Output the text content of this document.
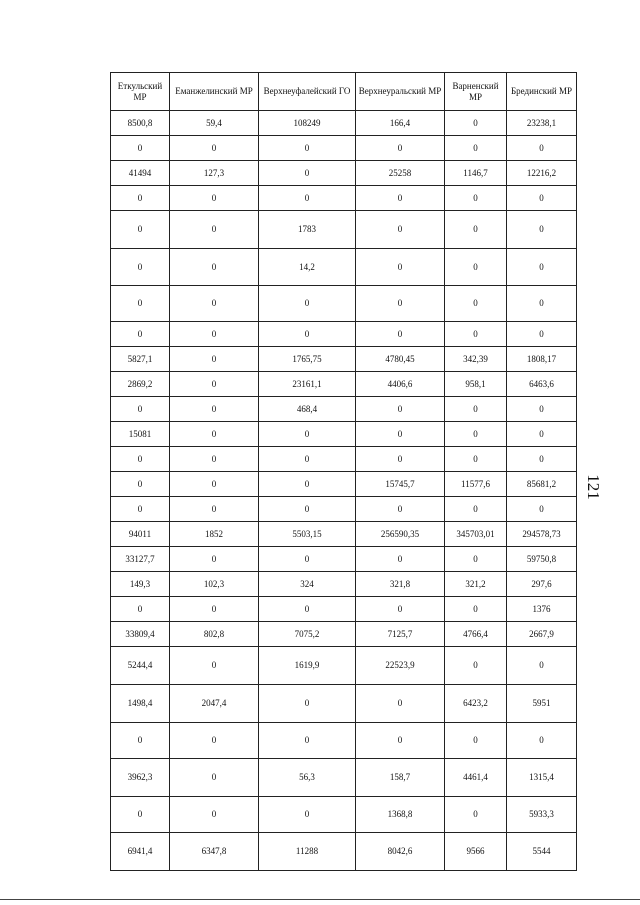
Еткульский МР	Еманжелинский МР	Верхнеуфалейский ГО	Верхнеуральский МР	Варненский МР	Брединский МР
8500,8	59,4	108249	166,4	0	23238,1
0	0	0	0	0	0
41494	127,3	0	25258	1146,7	12216,2
0	0	0	0	0	0
0	0	1783	0	0	0
0	0	14,2	0	0	0
0	0	0	0	0	0
0	0	0	0	0	0
5827,1	0	1765,75	4780,45	342,39	1808,17
2869,2	0	23161,1	4406,6	958,1	6463,6
0	0	468,4	0	0	0
15081	0	0	0	0	0
0	0	0	0	0	0
0	0	0	15745,7	11577,6	85681,2
0	0	0	0	0	0
94011	1852	5503,15	256590,35	345703,01	294578,73
33127,7	0	0	0	0	59750,8
149,3	102,3	324	321,8	321,2	297,6
0	0	0	0	0	1376
33809,4	802,8	7075,2	7125,7	4766,4	2667,9
5244,4	0	1619,9	22523,9	0	0
1498,4	2047,4	0	0	6423,2	5951
0	0	0	0	0	0
3962,3	0	56,3	158,7	4461,4	1315,4
0	0	0	1368,8	0	5933,3
6941,4	6347,8	11288	8042,6	9566	5544
121
